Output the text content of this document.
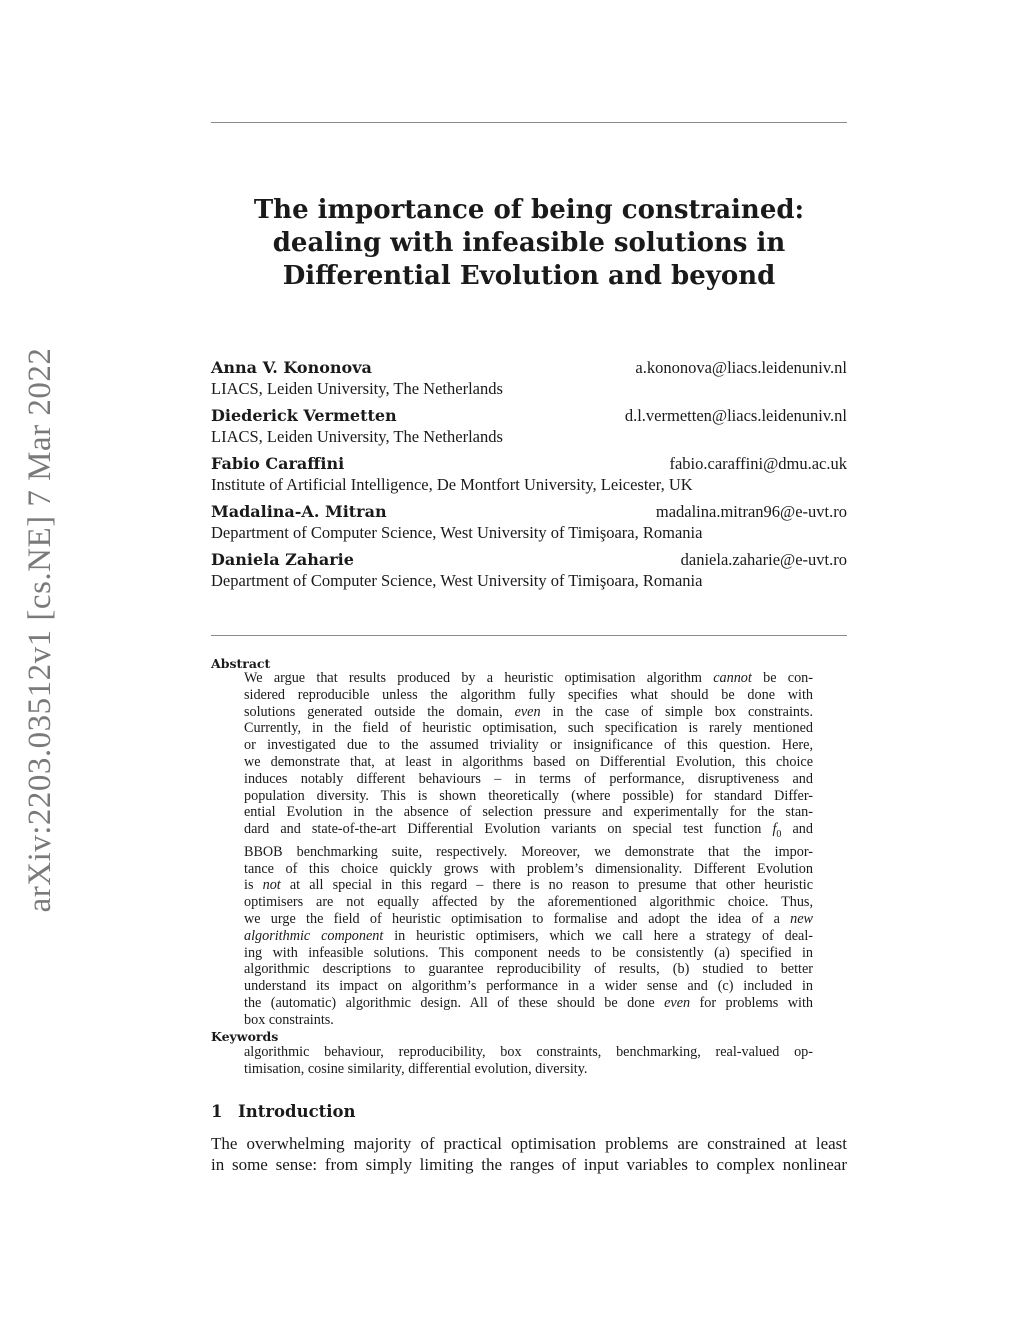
arXiv:2203.03512v1 [cs.NE] 7 Mar 2022
The importance of being constrained:
dealing with infeasible solutions in
Differential Evolution and beyond
Anna V. Kononova	a.kononova@liacs.leidenuniv.nl
LIACS, Leiden University, The Netherlands
Diederick Vermetten	d.l.vermetten@liacs.leidenuniv.nl
LIACS, Leiden University, The Netherlands
Fabio Caraffini	fabio.caraffini@dmu.ac.uk
Institute of Artificial Intelligence, De Montfort University, Leicester, UK
Madalina-A. Mitran	madalina.mitran96@e-uvt.ro
Department of Computer Science, West University of Timişoara, Romania
Daniela Zaharie	daniela.zaharie@e-uvt.ro
Department of Computer Science, West University of Timişoara, Romania
Abstract
We argue that results produced by a heuristic optimisation algorithm cannot be con-
sidered reproducible unless the algorithm fully specifies what should be done with
solutions generated outside the domain, even in the case of simple box constraints.
Currently, in the field of heuristic optimisation, such specification is rarely mentioned
or investigated due to the assumed triviality or insignificance of this question. Here,
we demonstrate that, at least in algorithms based on Differential Evolution, this choice
induces notably different behaviours – in terms of performance, disruptiveness and
population diversity. This is shown theoretically (where possible) for standard Differ-
ential Evolution in the absence of selection pressure and experimentally for the stan-
dard and state-of-the-art Differential Evolution variants on special test function $f_0$ and
BBOB benchmarking suite, respectively. Moreover, we demonstrate that the impor-
tance of this choice quickly grows with problem’s dimensionality. Different Evolution
is not at all special in this regard – there is no reason to presume that other heuristic
optimisers are not equally affected by the aforementioned algorithmic choice. Thus,
we urge the field of heuristic optimisation to formalise and adopt the idea of a new
algorithmic component in heuristic optimisers, which we call here a strategy of deal-
ing with infeasible solutions. This component needs to be consistently (a) specified in
algorithmic descriptions to guarantee reproducibility of results, (b) studied to better
understand its impact on algorithm’s performance in a wider sense and (c) included in
the (automatic) algorithmic design. All of these should be done even for problems with
box constraints.
Keywords
algorithmic behaviour, reproducibility, box constraints, benchmarking, real-valued op-
timisation, cosine similarity, differential evolution, diversity.
1 Introduction
The overwhelming majority of practical optimisation problems are constrained at least
in some sense: from simply limiting the ranges of input variables to complex nonlinear
